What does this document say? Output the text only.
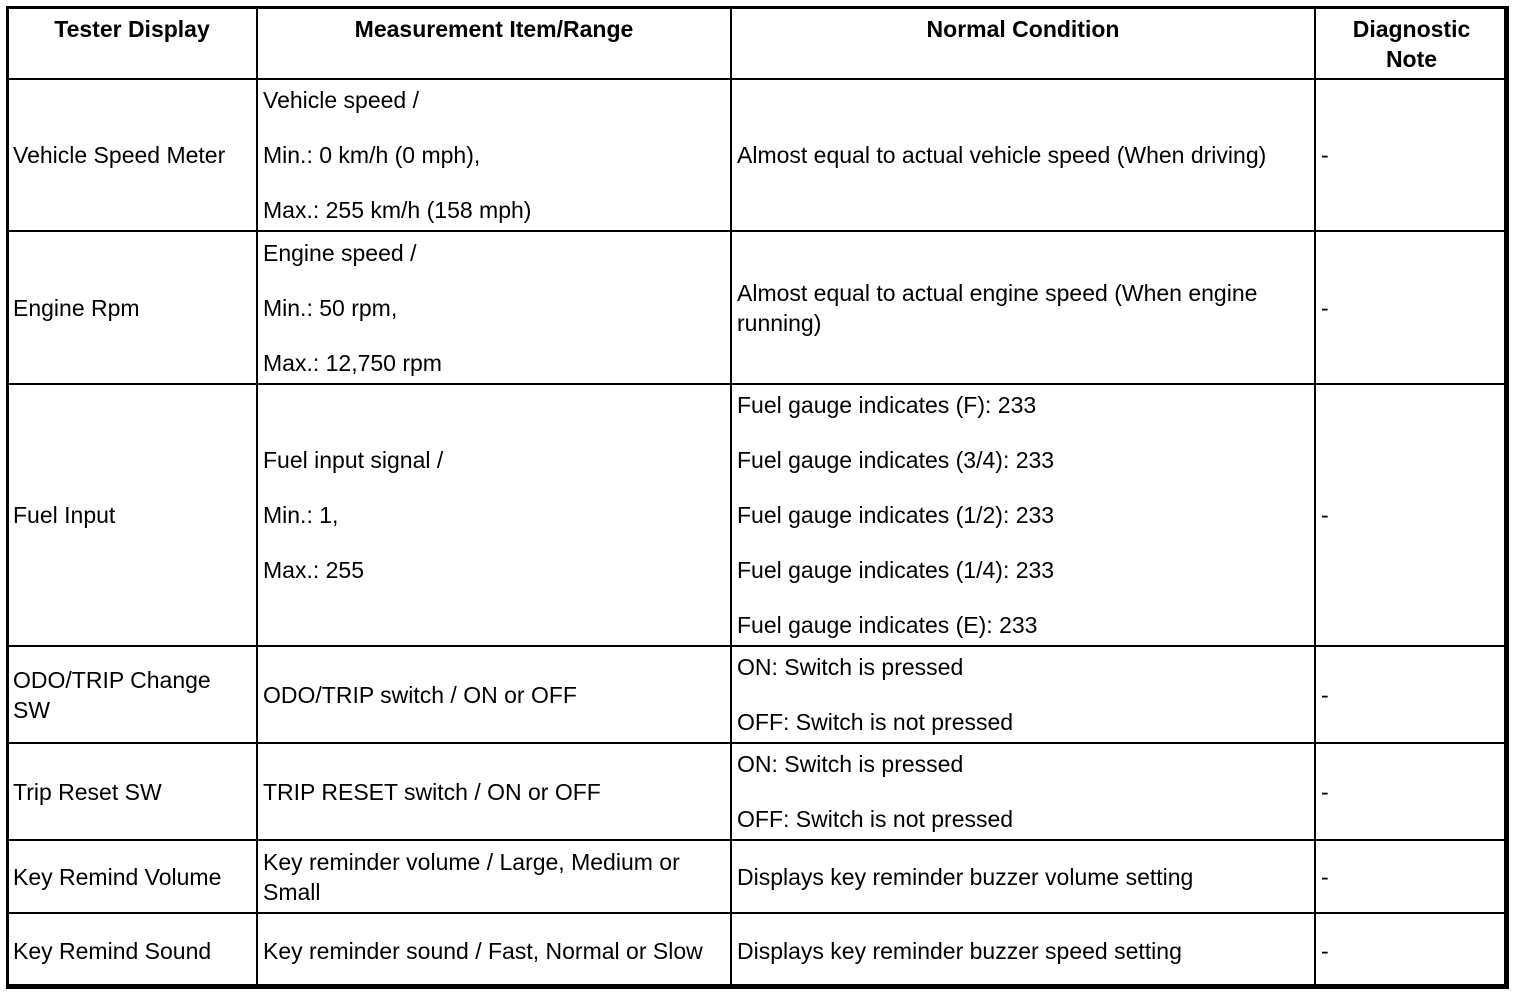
Tester Display	Measurement Item/Range	Normal Condition	Diagnostic Note
Vehicle Speed Meter	Vehicle speed /
Min.: 0 km/h (0 mph),
Max.: 255 km/h (158 mph)	Almost equal to actual vehicle speed (When driving)	-
Engine Rpm	Engine speed /
Min.: 50 rpm,
Max.: 12,750 rpm	Almost equal to actual engine speed (When engine running)	-
Fuel Input	Fuel input signal /
Min.: 1,
Max.: 255	Fuel gauge indicates (F): 233
Fuel gauge indicates (3/4): 233
Fuel gauge indicates (1/2): 233
Fuel gauge indicates (1/4): 233
Fuel gauge indicates (E): 233	-
ODO/TRIP Change SW	ODO/TRIP switch / ON or OFF	ON: Switch is pressed
OFF: Switch is not pressed	-
Trip Reset SW	TRIP RESET switch / ON or OFF	ON: Switch is pressed
OFF: Switch is not pressed	-
Key Remind Volume	Key reminder volume / Large, Medium or Small	Displays key reminder buzzer volume setting	-
Key Remind Sound	Key reminder sound / Fast, Normal or Slow	Displays key reminder buzzer speed setting	-
